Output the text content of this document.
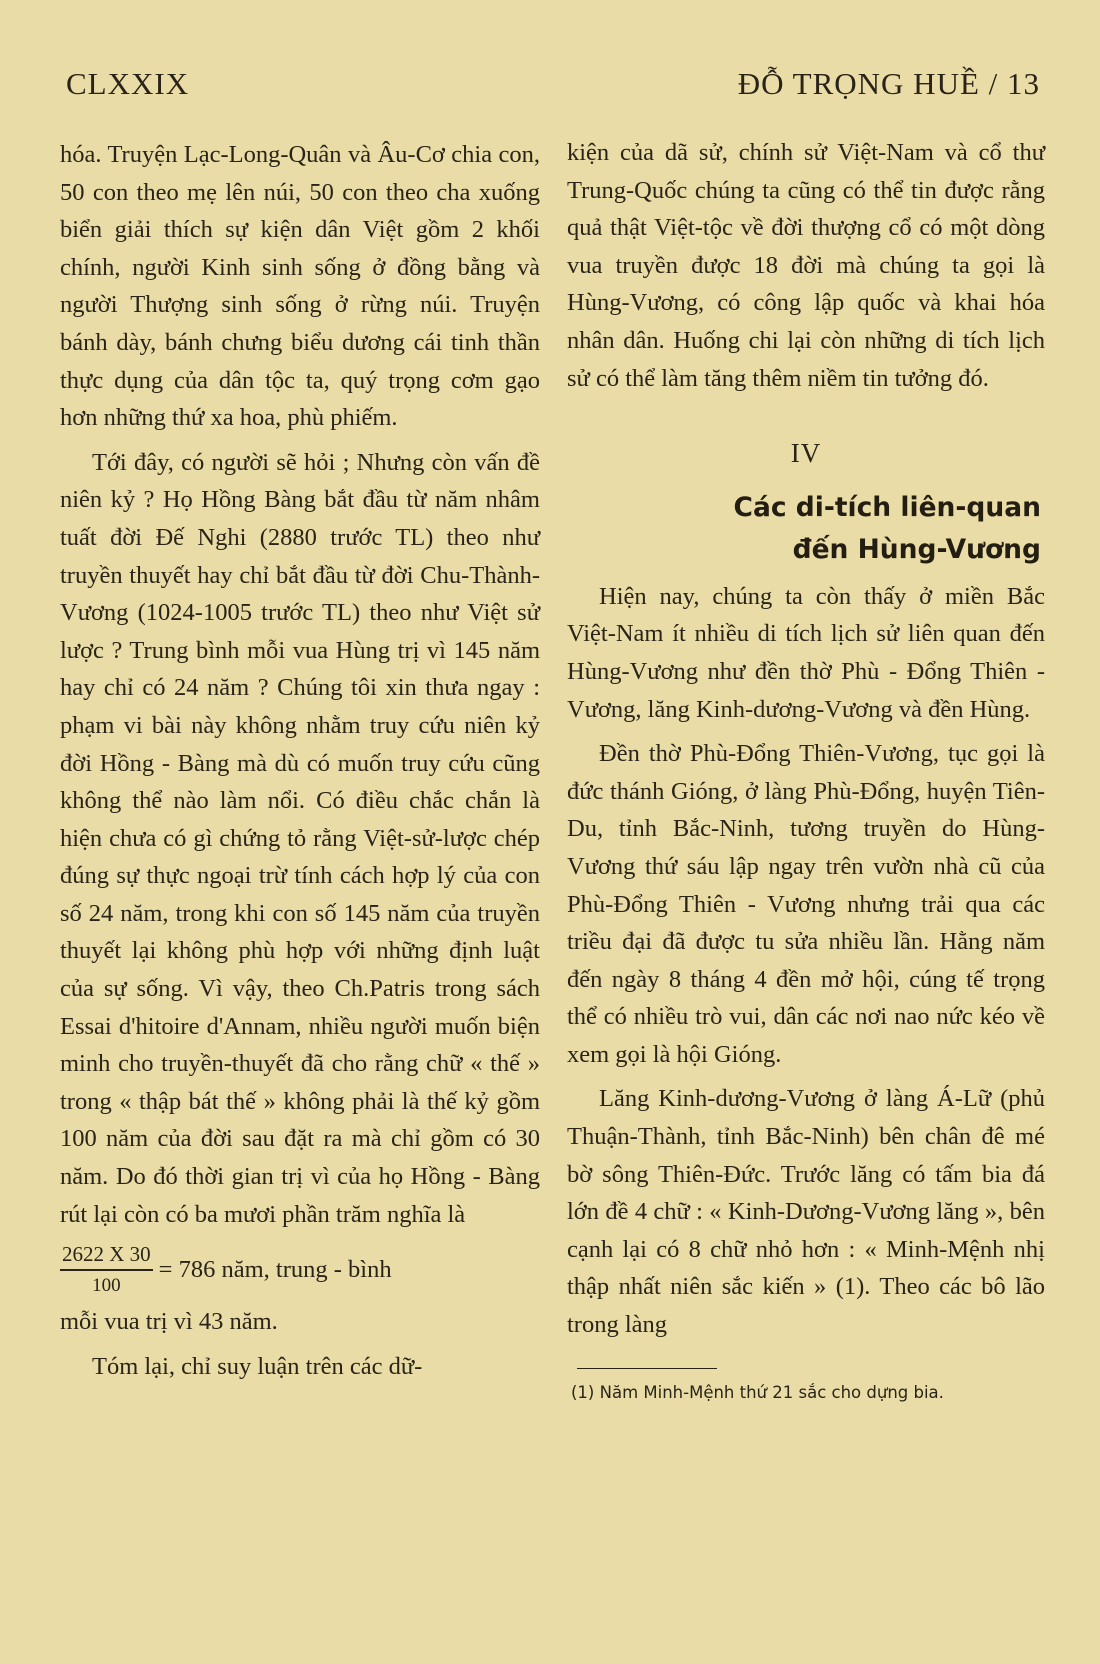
CLXXIX	ĐỖ TRỌNG HUỀ / 13

hóa. Truyện Lạc-Long-Quân và Âu-Cơ chia con, 50 con theo mẹ lên núi, 50 con theo cha xuống biển giải thích sự kiện dân Việt gồm 2 khối chính, người Kinh sinh sống ở đồng bằng và người Thượng sinh sống ở rừng núi. Truyện bánh dày, bánh chưng biểu dương cái tinh thần thực dụng của dân tộc ta, quý trọng cơm gạo hơn những thứ xa hoa, phù phiếm.

Tới đây, có người sẽ hỏi ; Nhưng còn vấn đề niên kỷ ? Họ Hồng Bàng bắt đầu từ năm nhâm tuất đời Đế Nghi (2880 trước TL) theo như truyền thuyết hay chỉ bắt đầu từ đời Chu-Thành-Vương (1024-1005 trước TL) theo như Việt sử lược ? Trung bình mỗi vua Hùng trị vì 145 năm hay chỉ có 24 năm ? Chúng tôi xin thưa ngay : phạm vi bài này không nhằm truy cứu niên kỷ đời Hồng - Bàng mà dù có muốn truy cứu cũng không thể nào làm nổi. Có điều chắc chắn là hiện chưa có gì chứng tỏ rằng Việt-sử-lược chép đúng sự thực ngoại trừ tính cách hợp lý của con số 24 năm, trong khi con số 145 năm của truyền thuyết lại không phù hợp với những định luật của sự sống. Vì vậy, theo Ch.Patris trong sách Essai d'hitoire d'Annam, nhiều người muốn biện minh cho truyền-thuyết đã cho rằng chữ « thế » trong « thập bát thế » không phải là thế kỷ gồm 100 năm của đời sau đặt ra mà chỉ gồm có 30 năm. Do đó thời gian trị vì của họ Hồng - Bàng rút lại còn có ba mươi phần trăm nghĩa là

$\frac{2622 X 30}{100} = 786$ năm, trung - bình

mỗi vua trị vì 43 năm.

Tóm lại, chỉ suy luận trên các dữ-

kiện của dã sử, chính sử Việt-Nam và cổ thư Trung-Quốc chúng ta cũng có thể tin được rằng quả thật Việt-tộc về đời thượng cổ có một dòng vua truyền được 18 đời mà chúng ta gọi là Hùng-Vương, có công lập quốc và khai hóa nhân dân. Huống chi lại còn những di tích lịch sử có thể làm tăng thêm niềm tin tưởng đó.

IV
Các di-tích liên-quan
đến Hùng-Vương

Hiện nay, chúng ta còn thấy ở miền Bắc Việt-Nam ít nhiều di tích lịch sử liên quan đến Hùng-Vương như đền thờ Phù - Đổng Thiên - Vương, lăng Kinh-dương-Vương và đền Hùng.

Đền thờ Phù-Đổng Thiên-Vương, tục gọi là đức thánh Gióng, ở làng Phù-Đổng, huyện Tiên-Du, tỉnh Bắc-Ninh, tương truyền do Hùng-Vương thứ sáu lập ngay trên vườn nhà cũ của Phù-Đổng Thiên - Vương nhưng trải qua các triều đại đã được tu sửa nhiều lần. Hằng năm đến ngày 8 tháng 4 đền mở hội, cúng tế trọng thể có nhiều trò vui, dân các nơi nao nức kéo về xem gọi là hội Gióng.

Lăng Kinh-dương-Vương ở làng Á-Lữ (phủ Thuận-Thành, tỉnh Bắc-Ninh) bên chân đê mé bờ sông Thiên-Đức. Trước lăng có tấm bia đá lớn đề 4 chữ : « Kinh-Dương-Vương lăng », bên cạnh lại có 8 chữ nhỏ hơn : « Minh-Mệnh nhị thập nhất niên sắc kiến » (1). Theo các bô lão trong làng

(1) Năm Minh-Mệnh thứ 21 sắc cho dựng bia.
